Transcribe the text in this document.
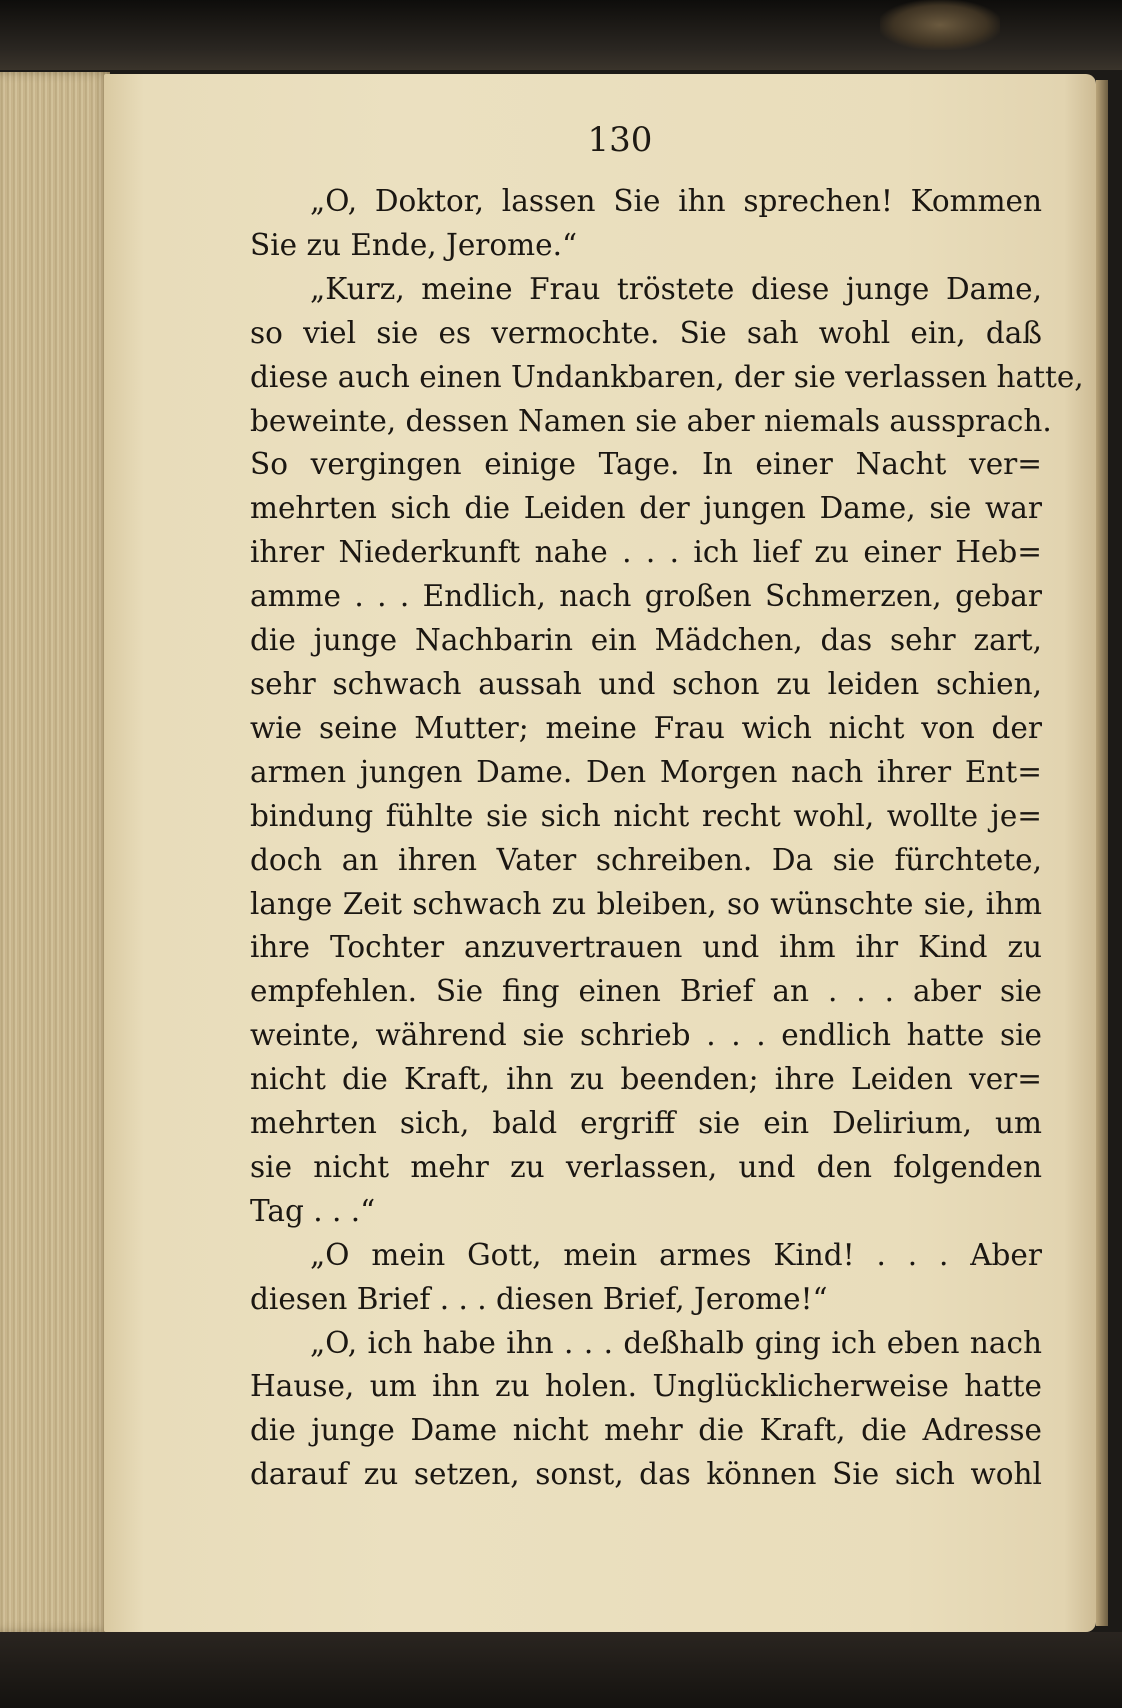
130
„O, Doktor, lassen Sie ihn sprechen! Kommen
Sie zu Ende, Jerome.“
„Kurz, meine Frau tröstete diese junge Dame,
so viel sie es vermochte. Sie sah wohl ein, daß
diese auch einen Undankbaren, der sie verlassen hatte,
beweinte, dessen Namen sie aber niemals aussprach.
So vergingen einige Tage. In einer Nacht ver=
mehrten sich die Leiden der jungen Dame, sie war
ihrer Niederkunft nahe . . . ich lief zu einer Heb=
amme . . . Endlich, nach großen Schmerzen, gebar
die junge Nachbarin ein Mädchen, das sehr zart,
sehr schwach aussah und schon zu leiden schien,
wie seine Mutter; meine Frau wich nicht von der
armen jungen Dame. Den Morgen nach ihrer Ent=
bindung fühlte sie sich nicht recht wohl, wollte je=
doch an ihren Vater schreiben. Da sie fürchtete,
lange Zeit schwach zu bleiben, so wünschte sie, ihm
ihre Tochter anzuvertrauen und ihm ihr Kind zu
empfehlen. Sie fing einen Brief an . . . aber sie
weinte, während sie schrieb . . . endlich hatte sie
nicht die Kraft, ihn zu beenden; ihre Leiden ver=
mehrten sich, bald ergriff sie ein Delirium, um
sie nicht mehr zu verlassen, und den folgenden
Tag . . .“
„O mein Gott, mein armes Kind! . . . Aber
diesen Brief . . . diesen Brief, Jerome!“
„O, ich habe ihn . . . deßhalb ging ich eben nach
Hause, um ihn zu holen. Unglücklicherweise hatte
die junge Dame nicht mehr die Kraft, die Adresse
darauf zu setzen, sonst, das können Sie sich wohl
